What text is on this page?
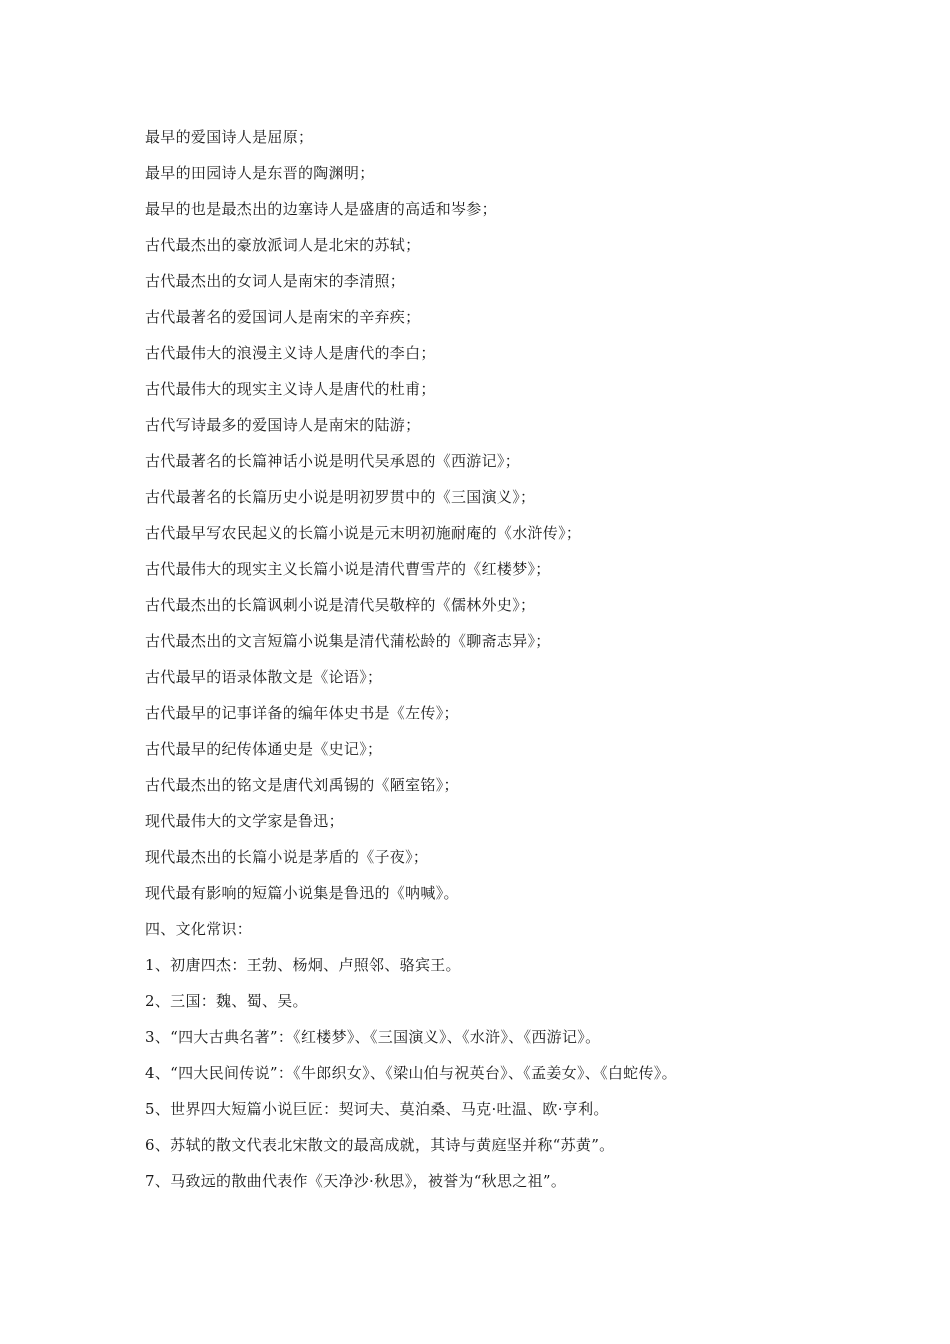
最早的爱国诗人是屈原；
最早的田园诗人是东晋的陶渊明；
最早的也是最杰出的边塞诗人是盛唐的高适和岑参；
古代最杰出的豪放派词人是北宋的苏轼；
古代最杰出的女词人是南宋的李清照；
古代最著名的爱国词人是南宋的辛弃疾；
古代最伟大的浪漫主义诗人是唐代的李白；
古代最伟大的现实主义诗人是唐代的杜甫；
古代写诗最多的爱国诗人是南宋的陆游；
古代最著名的长篇神话小说是明代吴承恩的《西游记》；
古代最著名的长篇历史小说是明初罗贯中的《三国演义》；
古代最早写农民起义的长篇小说是元末明初施耐庵的《水浒传》；
古代最伟大的现实主义长篇小说是清代曹雪芹的《红楼梦》；
古代最杰出的长篇讽刺小说是清代吴敬梓的《儒林外史》；
古代最杰出的文言短篇小说集是清代蒲松龄的《聊斋志异》；
古代最早的语录体散文是《论语》；
古代最早的记事详备的编年体史书是《左传》；
古代最早的纪传体通史是《史记》；
古代最杰出的铭文是唐代刘禹锡的《陋室铭》；
现代最伟大的文学家是鲁迅；
现代最杰出的长篇小说是茅盾的《子夜》；
现代最有影响的短篇小说集是鲁迅的《呐喊》。
四、文化常识：
1、初唐四杰：王勃、杨炯、卢照邻、骆宾王。
2、三国：魏、蜀、吴。
3、“四大古典名著”：《红楼梦》、《三国演义》、《水浒》、《西游记》。
4、“四大民间传说”：《牛郎织女》、《梁山伯与祝英台》、《孟姜女》、《白蛇传》。
5、世界四大短篇小说巨匠：契诃夫、莫泊桑、马克·吐温、欧·亨利。
6、苏轼的散文代表北宋散文的最高成就，其诗与黄庭坚并称“苏黄”。
7、马致远的散曲代表作《天净沙·秋思》，被誉为“秋思之祖”。
